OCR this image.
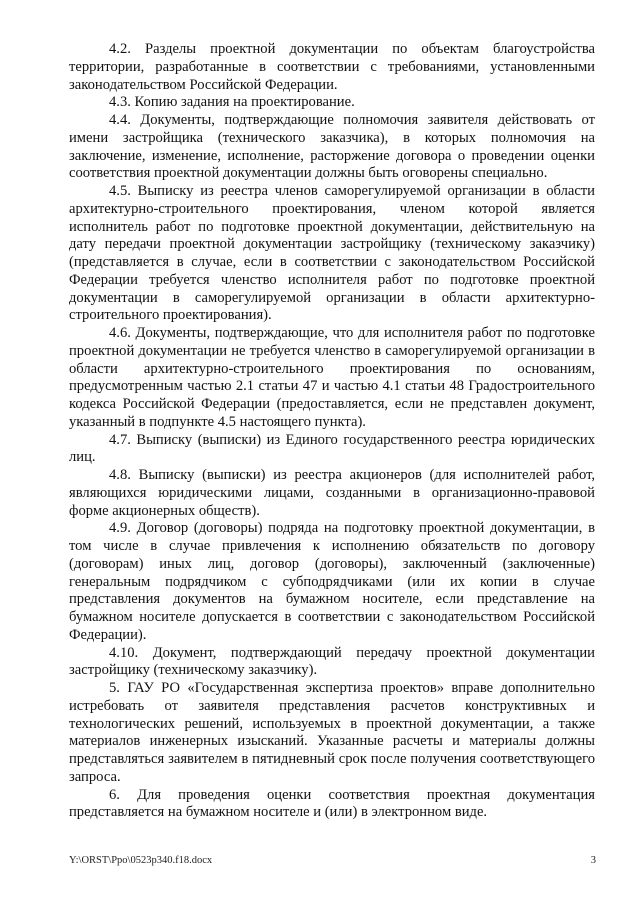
4.2. Разделы проектной документации по объектам благоустройства территории, разработанные в соответствии с требованиями, установленными законодательством Российской Федерации.

4.3. Копию задания на проектирование.

4.4. Документы, подтверждающие полномочия заявителя действовать от имени застройщика (технического заказчика), в которых полномочия на заключение, изменение, исполнение, расторжение договора о проведении оценки соответствия проектной документации должны быть оговорены специально.

4.5. Выписку из реестра членов саморегулируемой организации в области архитектурно-строительного проектирования, членом которой является исполнитель работ по подготовке проектной документации, действительную на дату передачи проектной документации застройщику (техническому заказчику) (представляется в случае, если в соответствии с законодательством Российской Федерации требуется членство исполнителя работ по подготовке проектной документации в саморегулируемой организации в области архитектурно-строительного проектирования).

4.6. Документы, подтверждающие, что для исполнителя работ по подготовке проектной документации не требуется членство в саморегулируемой организации в области архитектурно-строительного проектирования по основаниям, предусмотренным частью 2.1 статьи 47 и частью 4.1 статьи 48 Градостроительного кодекса Российской Федерации (предоставляется, если не представлен документ, указанный в подпункте 4.5 настоящего пункта).

4.7. Выписку (выписки) из Единого государственного реестра юридических лиц.

4.8. Выписку (выписки) из реестра акционеров (для исполнителей работ, являющихся юридическими лицами, созданными в организационно-правовой форме акционерных обществ).

4.9. Договор (договоры) подряда на подготовку проектной документации, в том числе в случае привлечения к исполнению обязательств по договору (договорам) иных лиц, договор (договоры), заключенный (заключенные) генеральным подрядчиком с субподрядчиками (или их копии в случае представления документов на бумажном носителе, если представление на бумажном носителе допускается в соответствии с законодательством Российской Федерации).

4.10. Документ, подтверждающий передачу проектной документации застройщику (техническому заказчику).

5. ГАУ РО «Государственная экспертиза проектов» вправе дополнительно истребовать от заявителя представления расчетов конструктивных и технологических решений, используемых в проектной документации, а также материалов инженерных изысканий. Указанные расчеты и материалы должны представляться заявителем в пятидневный срок после получения соответствующего запроса.

6. Для проведения оценки соответствия проектная документация представляется на бумажном носителе и (или) в электронном виде.

Y:\ORST\Ppo\0523p340.f18.docx	3
